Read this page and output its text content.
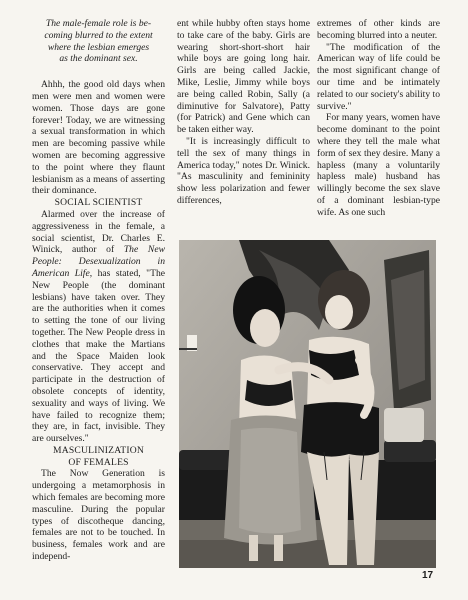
The male-female role is be-
coming blurred to the extent
where the lesbian emerges
as the dominant sex.

Ahhh, the good old days when men were men and women were women. Those days are gone forever! Today, we are witnessing a sexual transformation in which men are becoming passive while women are becoming aggressive to the point where they flaunt lesbianism as a means of asserting their dominance.

SOCIAL SCIENTIST

Alarmed over the increase of aggressiveness in the female, a social scientist, Dr. Charles E. Winick, author of The New People: Desexualization in American Life, has stated, "The New People (the dominant lesbians) have taken over. They are the authorities when it comes to setting the tone of our living together. The New People dress in clothes that make the Martians and the Space Maiden look conservative. They accept and participate in the destruction of obsolete concepts of identity, sexuality and ways of living. We have failed to recognize them; they are, in fact, invisible. They are ourselves."

MASCULINIZATION
OF FEMALES

The Now Generation is undergoing a metamorphosis in which females are becoming more masculine. During the popular types of discotheque dancing, females are not to be touched. In business, females work and are independ-

ent while hubby often stays home to take care of the baby. Girls are wearing short-short-short hair while boys are going long hair. Girls are being called Jackie, Mike, Leslie, Jimmy while boys are being called Robin, Sally (a diminutive for Salvatore), Patty (for Patrick) and Gene which can be taken either way.

"It is increasingly difficult to tell the sex of many things in America today," notes Dr. Winick. "As masculinity and femininity show less polarization and fewer differences,

extremes of other kinds are becoming blurred into a neuter.

"The modification of the American way of life could be the most significant change of our time and be intimately related to our society's ability to survive."

For many years, women have become dominant to the point where they tell the male what form of sex they desire. Many a hapless (many a voluntarily hapless male) husband has willingly become the sex slave of a dominant lesbian-type wife. As one such

17
